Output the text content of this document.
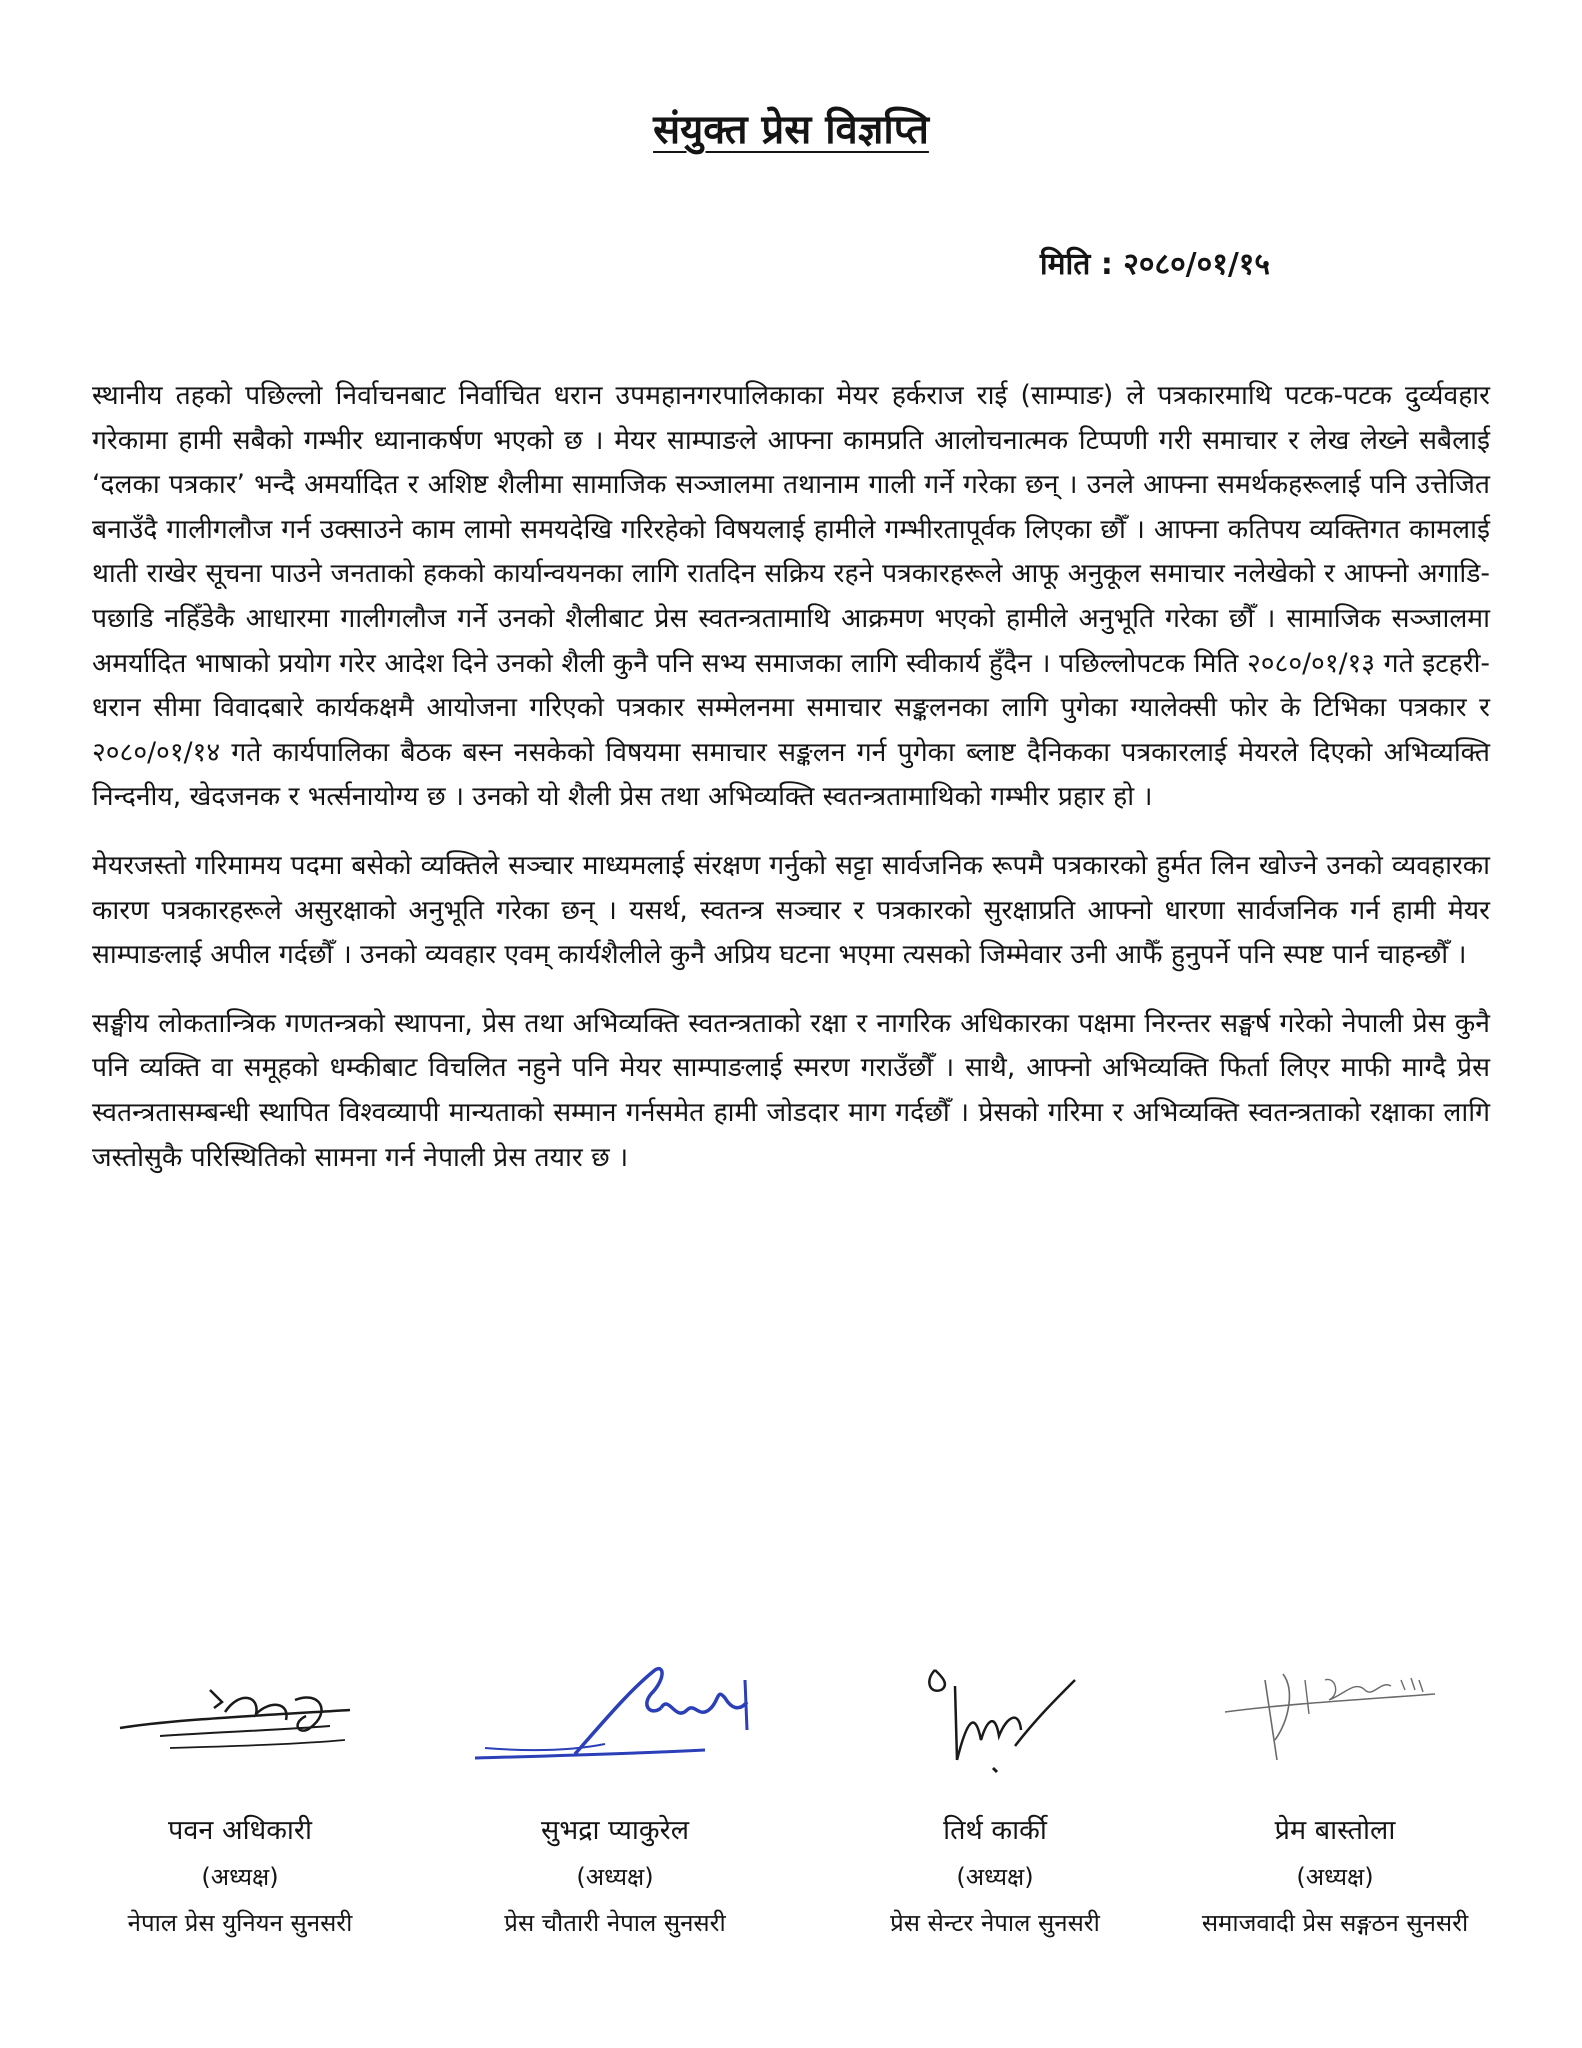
संयुक्त प्रेस विज्ञप्ति
मिति : २०८०/०१/१५

स्थानीय तहको पछिल्लो निर्वाचनबाट निर्वाचित धरान उपमहानगरपालिकाका मेयर हर्कराज राई (साम्पाङ) ले पत्रकारमाथि पटक-पटक दुर्व्यवहार गरेकामा हामी सबैको गम्भीर ध्यानाकर्षण भएको छ । मेयर साम्पाङले आफ्ना कामप्रति आलोचनात्मक टिप्पणी गरी समाचार र लेख लेख्ने सबैलाई ‘दलका पत्रकार’ भन्दै अमर्यादित र अशिष्ट शैलीमा सामाजिक सञ्जालमा तथानाम गाली गर्ने गरेका छन् । उनले आफ्ना समर्थकहरूलाई पनि उत्तेजित बनाउँदै गालीगलौज गर्न उक्साउने काम लामो समयदेखि गरिरहेको विषयलाई हामीले गम्भीरतापूर्वक लिएका छौँ । आफ्ना कतिपय व्यक्तिगत कामलाई थाती राखेर सूचना पाउने जनताको हकको कार्यान्वयनका लागि रातदिन सक्रिय रहने पत्रकारहरूले आफू अनुकूल समाचार नलेखेको र आफ्नो अगाडि-पछाडि नहिँडेकै आधारमा गालीगलौज गर्ने उनको शैलीबाट प्रेस स्वतन्त्रतामाथि आक्रमण भएको हामीले अनुभूति गरेका छौँ । सामाजिक सञ्जालमा अमर्यादित भाषाको प्रयोग गरेर आदेश दिने उनको शैली कुनै पनि सभ्य समाजका लागि स्वीकार्य हुँदैन । पछिल्लोपटक मिति २०८०/०१/१३ गते इटहरी- धरान सीमा विवादबारे कार्यकक्षमै आयोजना गरिएको पत्रकार सम्मेलनमा समाचार सङ्कलनका लागि पुगेका ग्यालेक्सी फोर के टिभिका पत्रकार र २०८०/०१/१४ गते कार्यपालिका बैठक बस्न नसकेको विषयमा समाचार सङ्कलन गर्न पुगेका ब्लाष्ट दैनिकका पत्रकारलाई मेयरले दिएको अभिव्यक्ति निन्दनीय, खेदजनक र भर्त्सनायोग्य छ । उनको यो शैली प्रेस तथा अभिव्यक्ति स्वतन्त्रतामाथिको गम्भीर प्रहार हो ।

मेयरजस्तो गरिमामय पदमा बसेको व्यक्तिले सञ्चार माध्यमलाई संरक्षण गर्नुको सट्टा सार्वजनिक रूपमै पत्रकारको हुर्मत लिन खोज्ने उनको व्यवहारका कारण पत्रकारहरूले असुरक्षाको अनुभूति गरेका छन् । यसर्थ, स्वतन्त्र सञ्चार र पत्रकारको सुरक्षाप्रति आफ्नो धारणा सार्वजनिक गर्न हामी मेयर साम्पाङलाई अपील गर्दछौँ । उनको व्यवहार एवम् कार्यशैलीले कुनै अप्रिय घटना भएमा त्यसको जिम्मेवार उनी आफैँ हुनुपर्ने पनि स्पष्ट पार्न चाहन्छौँ ।

सङ्घीय लोकतान्त्रिक गणतन्त्रको स्थापना, प्रेस तथा अभिव्यक्ति स्वतन्त्रताको रक्षा र नागरिक अधिकारका पक्षमा निरन्तर सङ्घर्ष गरेको नेपाली प्रेस कुनै पनि व्यक्ति वा समूहको धम्कीबाट विचलित नहुने पनि मेयर साम्पाङलाई स्मरण गराउँछौँ । साथै, आफ्नो अभिव्यक्ति फिर्ता लिएर माफी माग्दै प्रेस स्वतन्त्रतासम्बन्धी स्थापित विश्वव्यापी मान्यताको सम्मान गर्नसमेत हामी जोडदार माग गर्दछौँ । प्रेसको गरिमा र अभिव्यक्ति स्वतन्त्रताको रक्षाका लागि जस्तोसुकै परिस्थितिको सामना गर्न नेपाली प्रेस तयार छ ।

पवन अधिकारी
(अध्यक्ष)
नेपाल प्रेस युनियन सुनसरी
सुभद्रा प्याकुरेल
(अध्यक्ष)
प्रेस चौतारी नेपाल सुनसरी
तिर्थ कार्की
(अध्यक्ष)
प्रेस सेन्टर नेपाल सुनसरी
प्रेम बास्तोला
(अध्यक्ष)
समाजवादी प्रेस सङ्गठन सुनसरी
